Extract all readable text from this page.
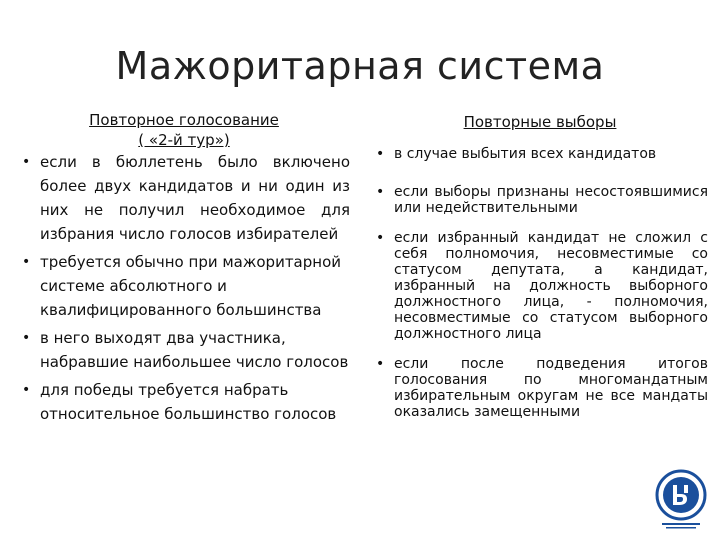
Мажоритарная система
Повторное голосование
( «2-й тур»)
• если в бюллетень было включено более двух кандидатов и ни один из них не получил необходимое для избрания число голосов избирателей
• требуется обычно при мажоритарной системе абсолютного и квалифицированного большинства
• в него выходят два участника, набравшие наибольшее число голосов
• для победы требуется набрать относительное большинство голосов
Повторные выборы
• в случае выбытия всех кандидатов
• если выборы признаны несостоявшимися или недействительными
• если избранный кандидат не сложил с себя полномочия, несовместимые со статусом депутата, а кандидат, избранный на должность выборного должностного лица, - полномочия, несовместимые со статусом выборного должностного лица
• если после подведения итогов голосования по многомандатным избирательным округам не все мандаты оказались замещенными
